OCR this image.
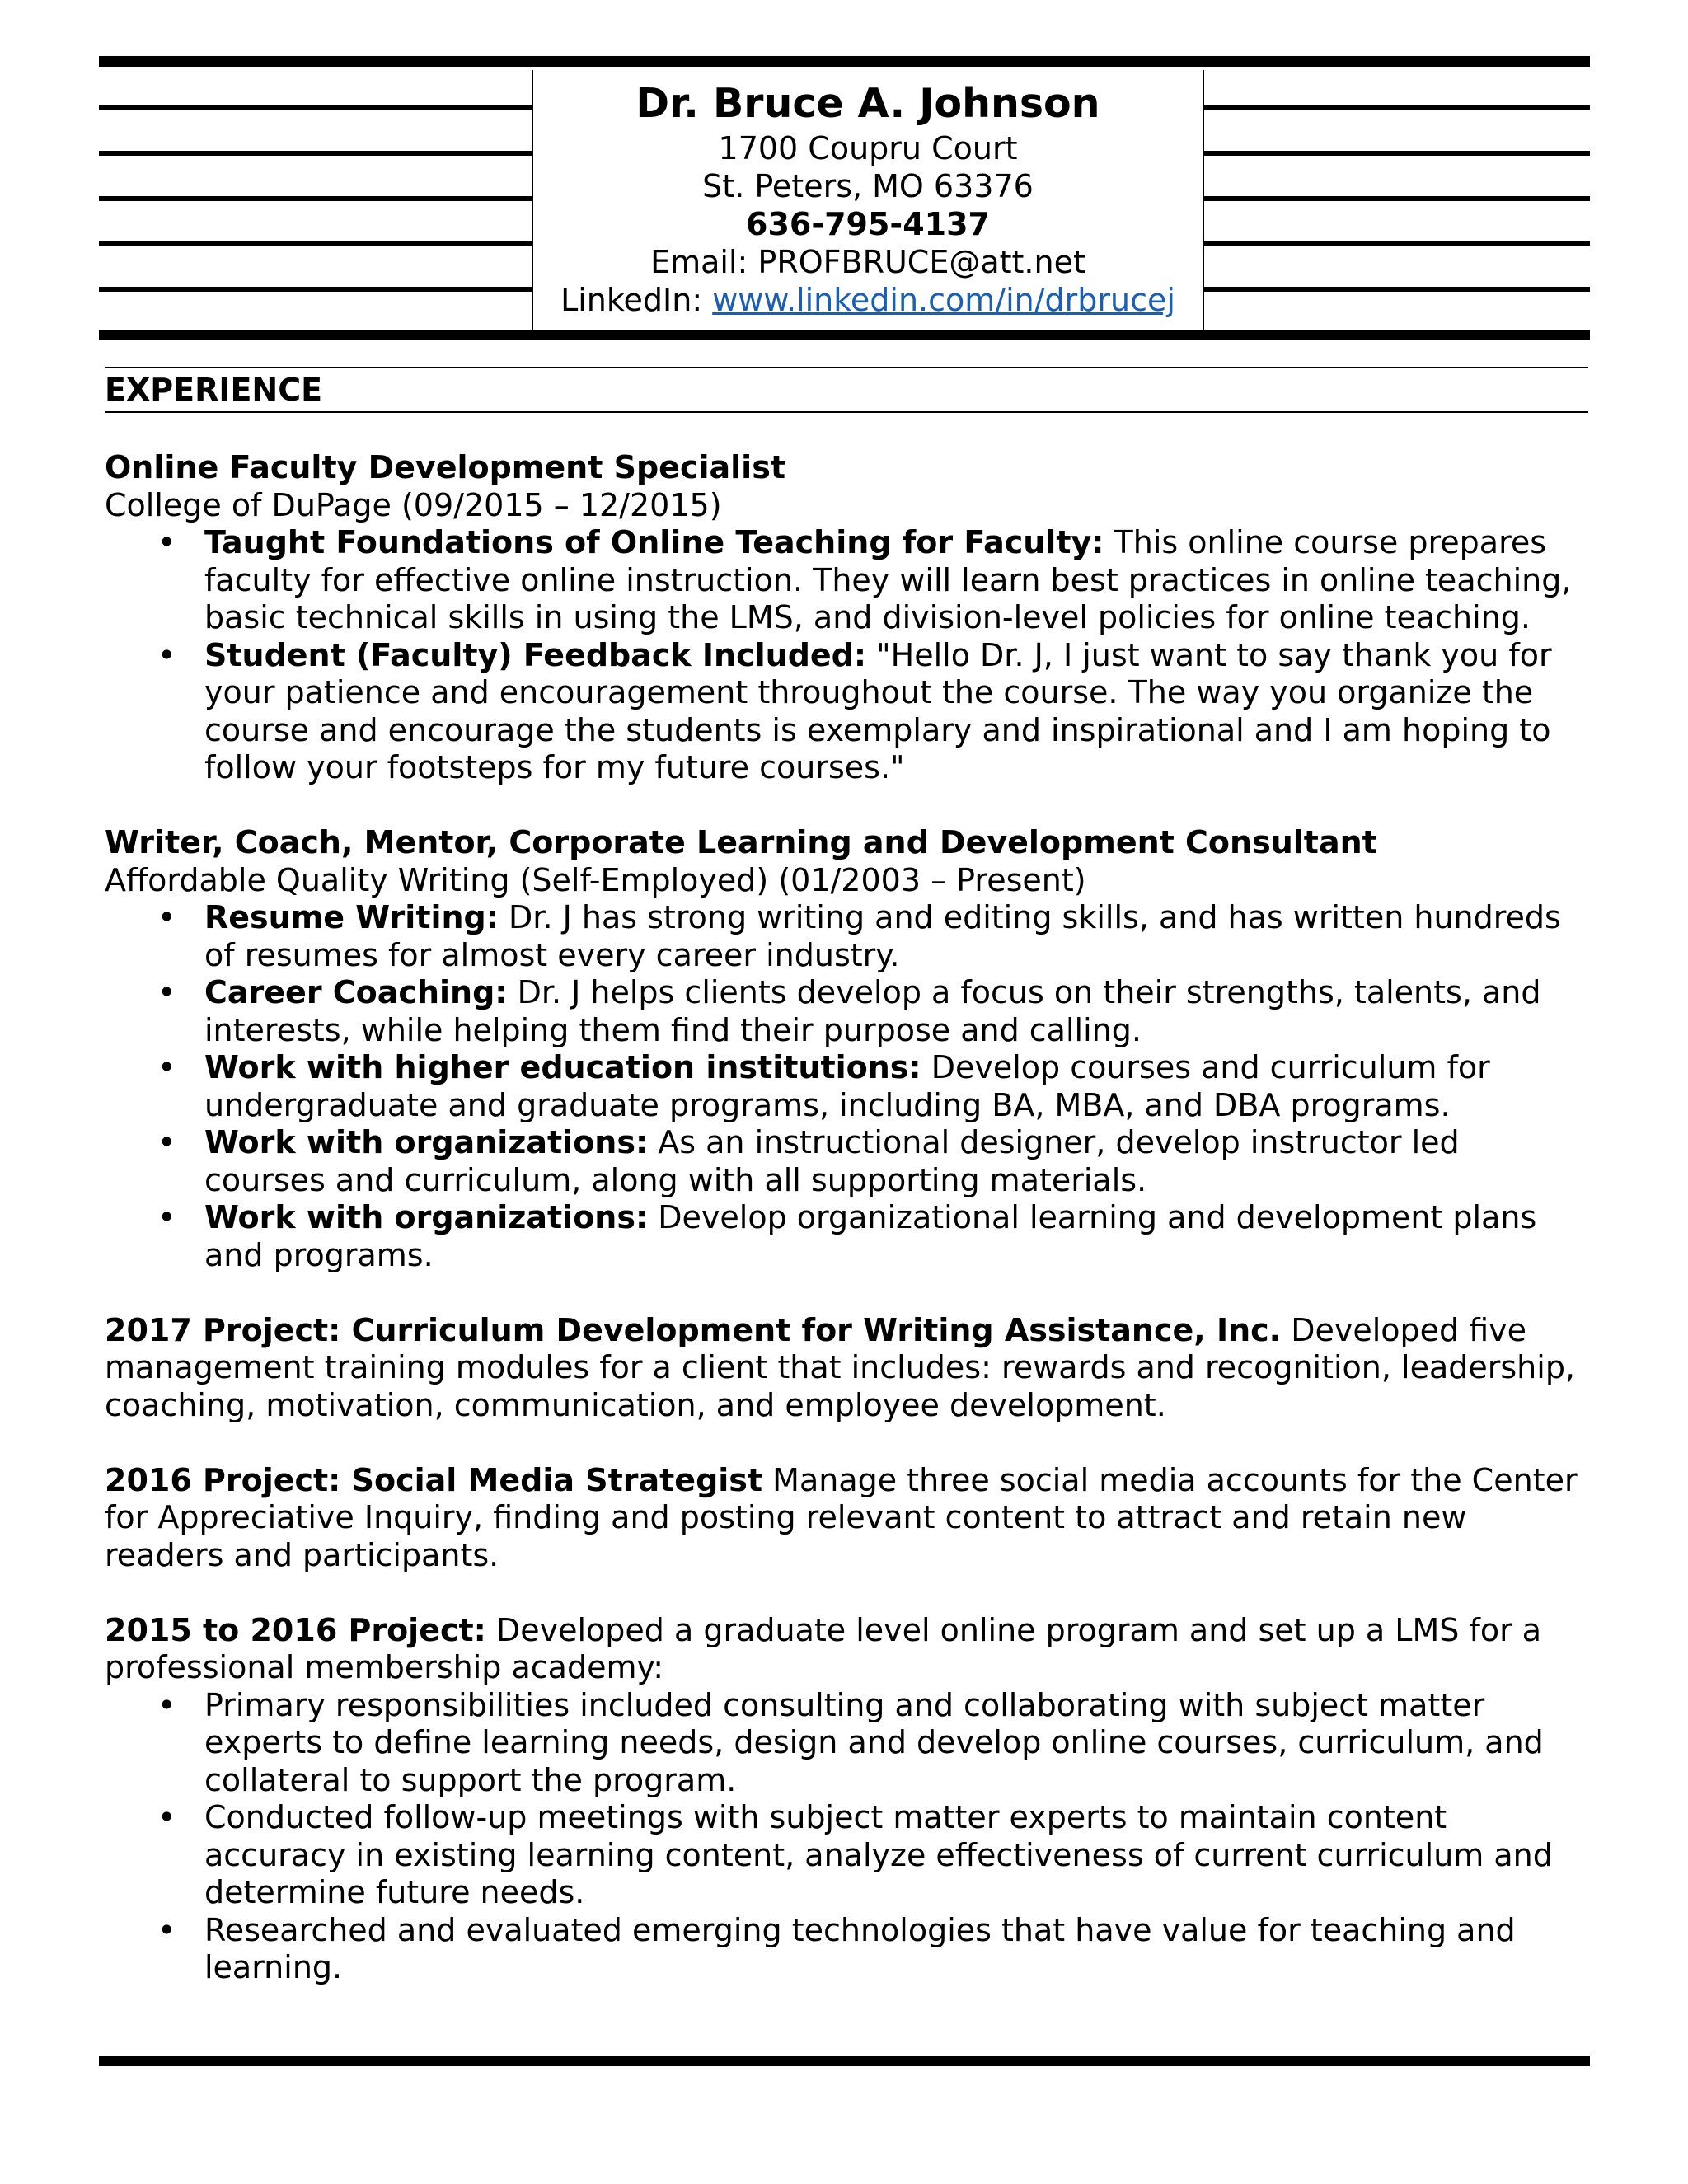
Dr. Bruce A. Johnson
1700 Coupru Court
St. Peters, MO 63376
636-795-4137
Email: PROFBRUCE@att.net
LinkedIn: www.linkedin.com/in/drbrucej
EXPERIENCE
Online Faculty Development Specialist
College of DuPage (09/2015 – 12/2015)
• Taught Foundations of Online Teaching for Faculty: This online course prepares faculty for effective online instruction. They will learn best practices in online teaching, basic technical skills in using the LMS, and division-level policies for online teaching.
• Student (Faculty) Feedback Included: "Hello Dr. J, I just want to say thank you for your patience and encouragement throughout the course. The way you organize the course and encourage the students is exemplary and inspirational and I am hoping to follow your footsteps for my future courses."
Writer, Coach, Mentor, Corporate Learning and Development Consultant
Affordable Quality Writing (Self-Employed) (01/2003 – Present)
• Resume Writing: Dr. J has strong writing and editing skills, and has written hundreds of resumes for almost every career industry.
• Career Coaching: Dr. J helps clients develop a focus on their strengths, talents, and interests, while helping them find their purpose and calling.
• Work with higher education institutions: Develop courses and curriculum for undergraduate and graduate programs, including BA, MBA, and DBA programs.
• Work with organizations: As an instructional designer, develop instructor led courses and curriculum, along with all supporting materials.
• Work with organizations: Develop organizational learning and development plans and programs.

2017 Project: Curriculum Development for Writing Assistance, Inc. Developed five management training modules for a client that includes: rewards and recognition, leadership, coaching, motivation, communication, and employee development.

2016 Project: Social Media Strategist Manage three social media accounts for the Center for Appreciative Inquiry, finding and posting relevant content to attract and retain new readers and participants.

2015 to 2016 Project: Developed a graduate level online program and set up a LMS for a professional membership academy:

• Primary responsibilities included consulting and collaborating with subject matter experts to define learning needs, design and develop online courses, curriculum, and collateral to support the program.
• Conducted follow-up meetings with subject matter experts to maintain content accuracy in existing learning content, analyze effectiveness of current curriculum and determine future needs.
• Researched and evaluated emerging technologies that have value for teaching and learning.
